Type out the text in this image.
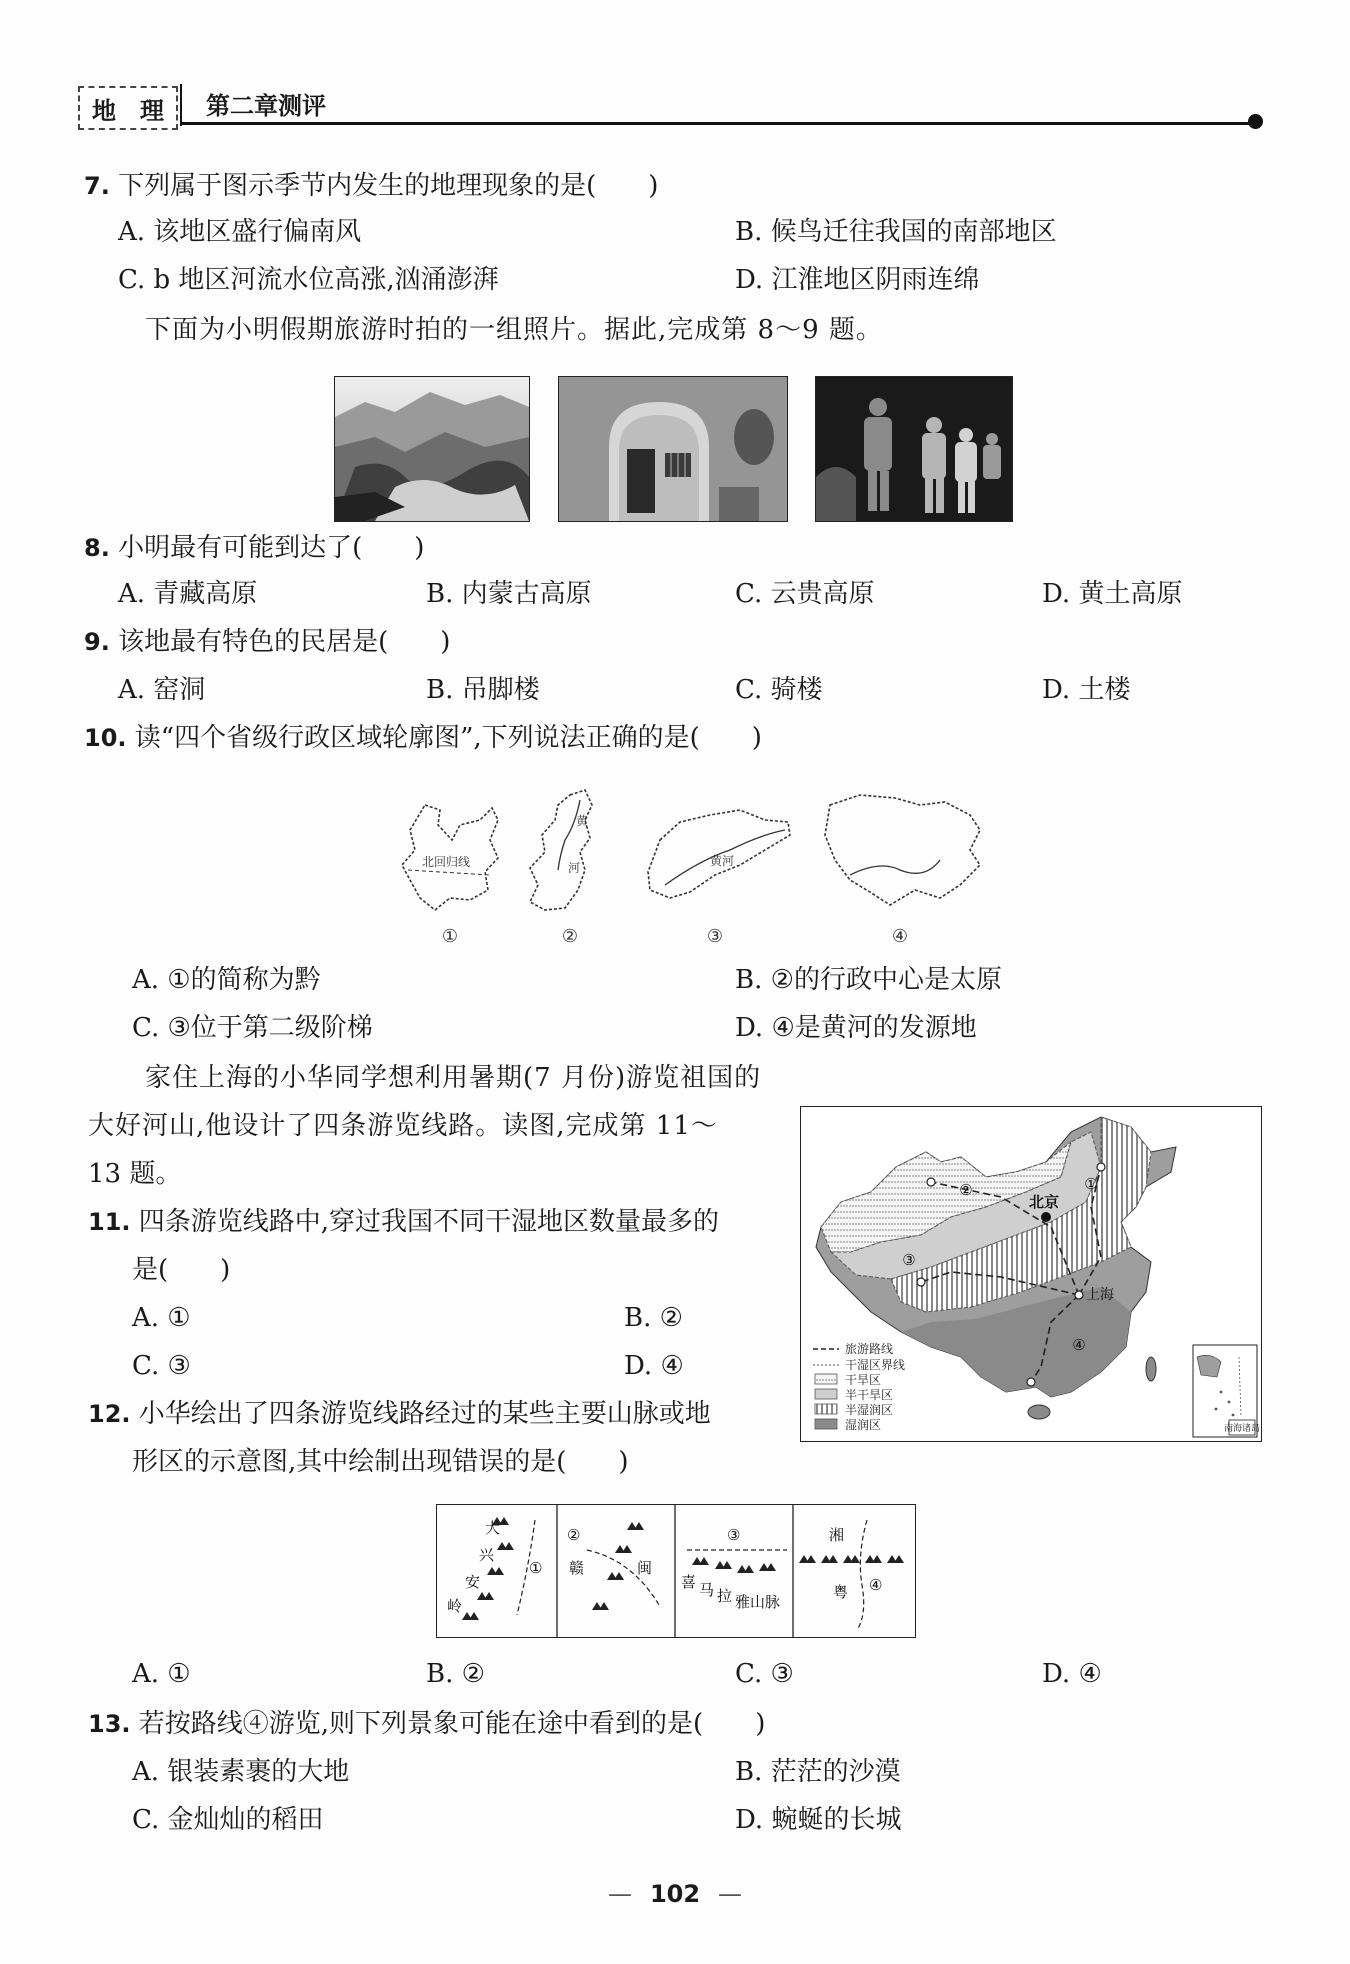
地 理 第二章测评
7. 下列属于图示季节内发生的地理现象的是(　　)
A. 该地区盛行偏南风	B. 候鸟迁往我国的南部地区
C. b 地区河流水位高涨,汹涌澎湃	D. 江淮地区阴雨连绵
下面为小明假期旅游时拍的一组照片。据此,完成第 8～9 题。
8. 小明最有可能到达了(　　)
A. 青藏高原	B. 内蒙古高原	C. 云贵高原	D. 黄土高原
9. 该地最有特色的民居是(　　)
A. 窑洞	B. 吊脚楼	C. 骑楼	D. 土楼
10. 读“四个省级行政区域轮廓图”,下列说法正确的是(　　)
北回归线
黄
河	黄河
①	②	③	④
A. ①的简称为黔	B. ②的行政中心是太原
C. ③位于第二级阶梯	D. ④是黄河的发源地
家住上海的小华同学想利用暑期(7 月份)游览祖国的
大好河山,他设计了四条游览线路。读图,完成第 11～
13 题。
北京
上海
①
②
③
④
旅游路线
干湿区界线
干旱区
半干旱区
半湿润区
湿润区	南海诸岛
11. 四条游览线路中,穿过我国不同干湿地区数量最多的
是(　　)
A. ①	B. ②
C. ③	D. ④
12. 小华绘出了四条游览线路经过的某些主要山脉或地
形区的示意图,其中绘制出现错误的是(　　)
大
兴
安
岭
①
②
赣	闽
③
喜 马 拉 雅山脉
湘
粤 ④
A. ①	B. ②	C. ③	D. ④
13. 若按路线④游览,则下列景象可能在途中看到的是(　　)
A. 银装素裹的大地	B. 茫茫的沙漠
C. 金灿灿的稻田	D. 蜿蜒的长城
— 102 —
